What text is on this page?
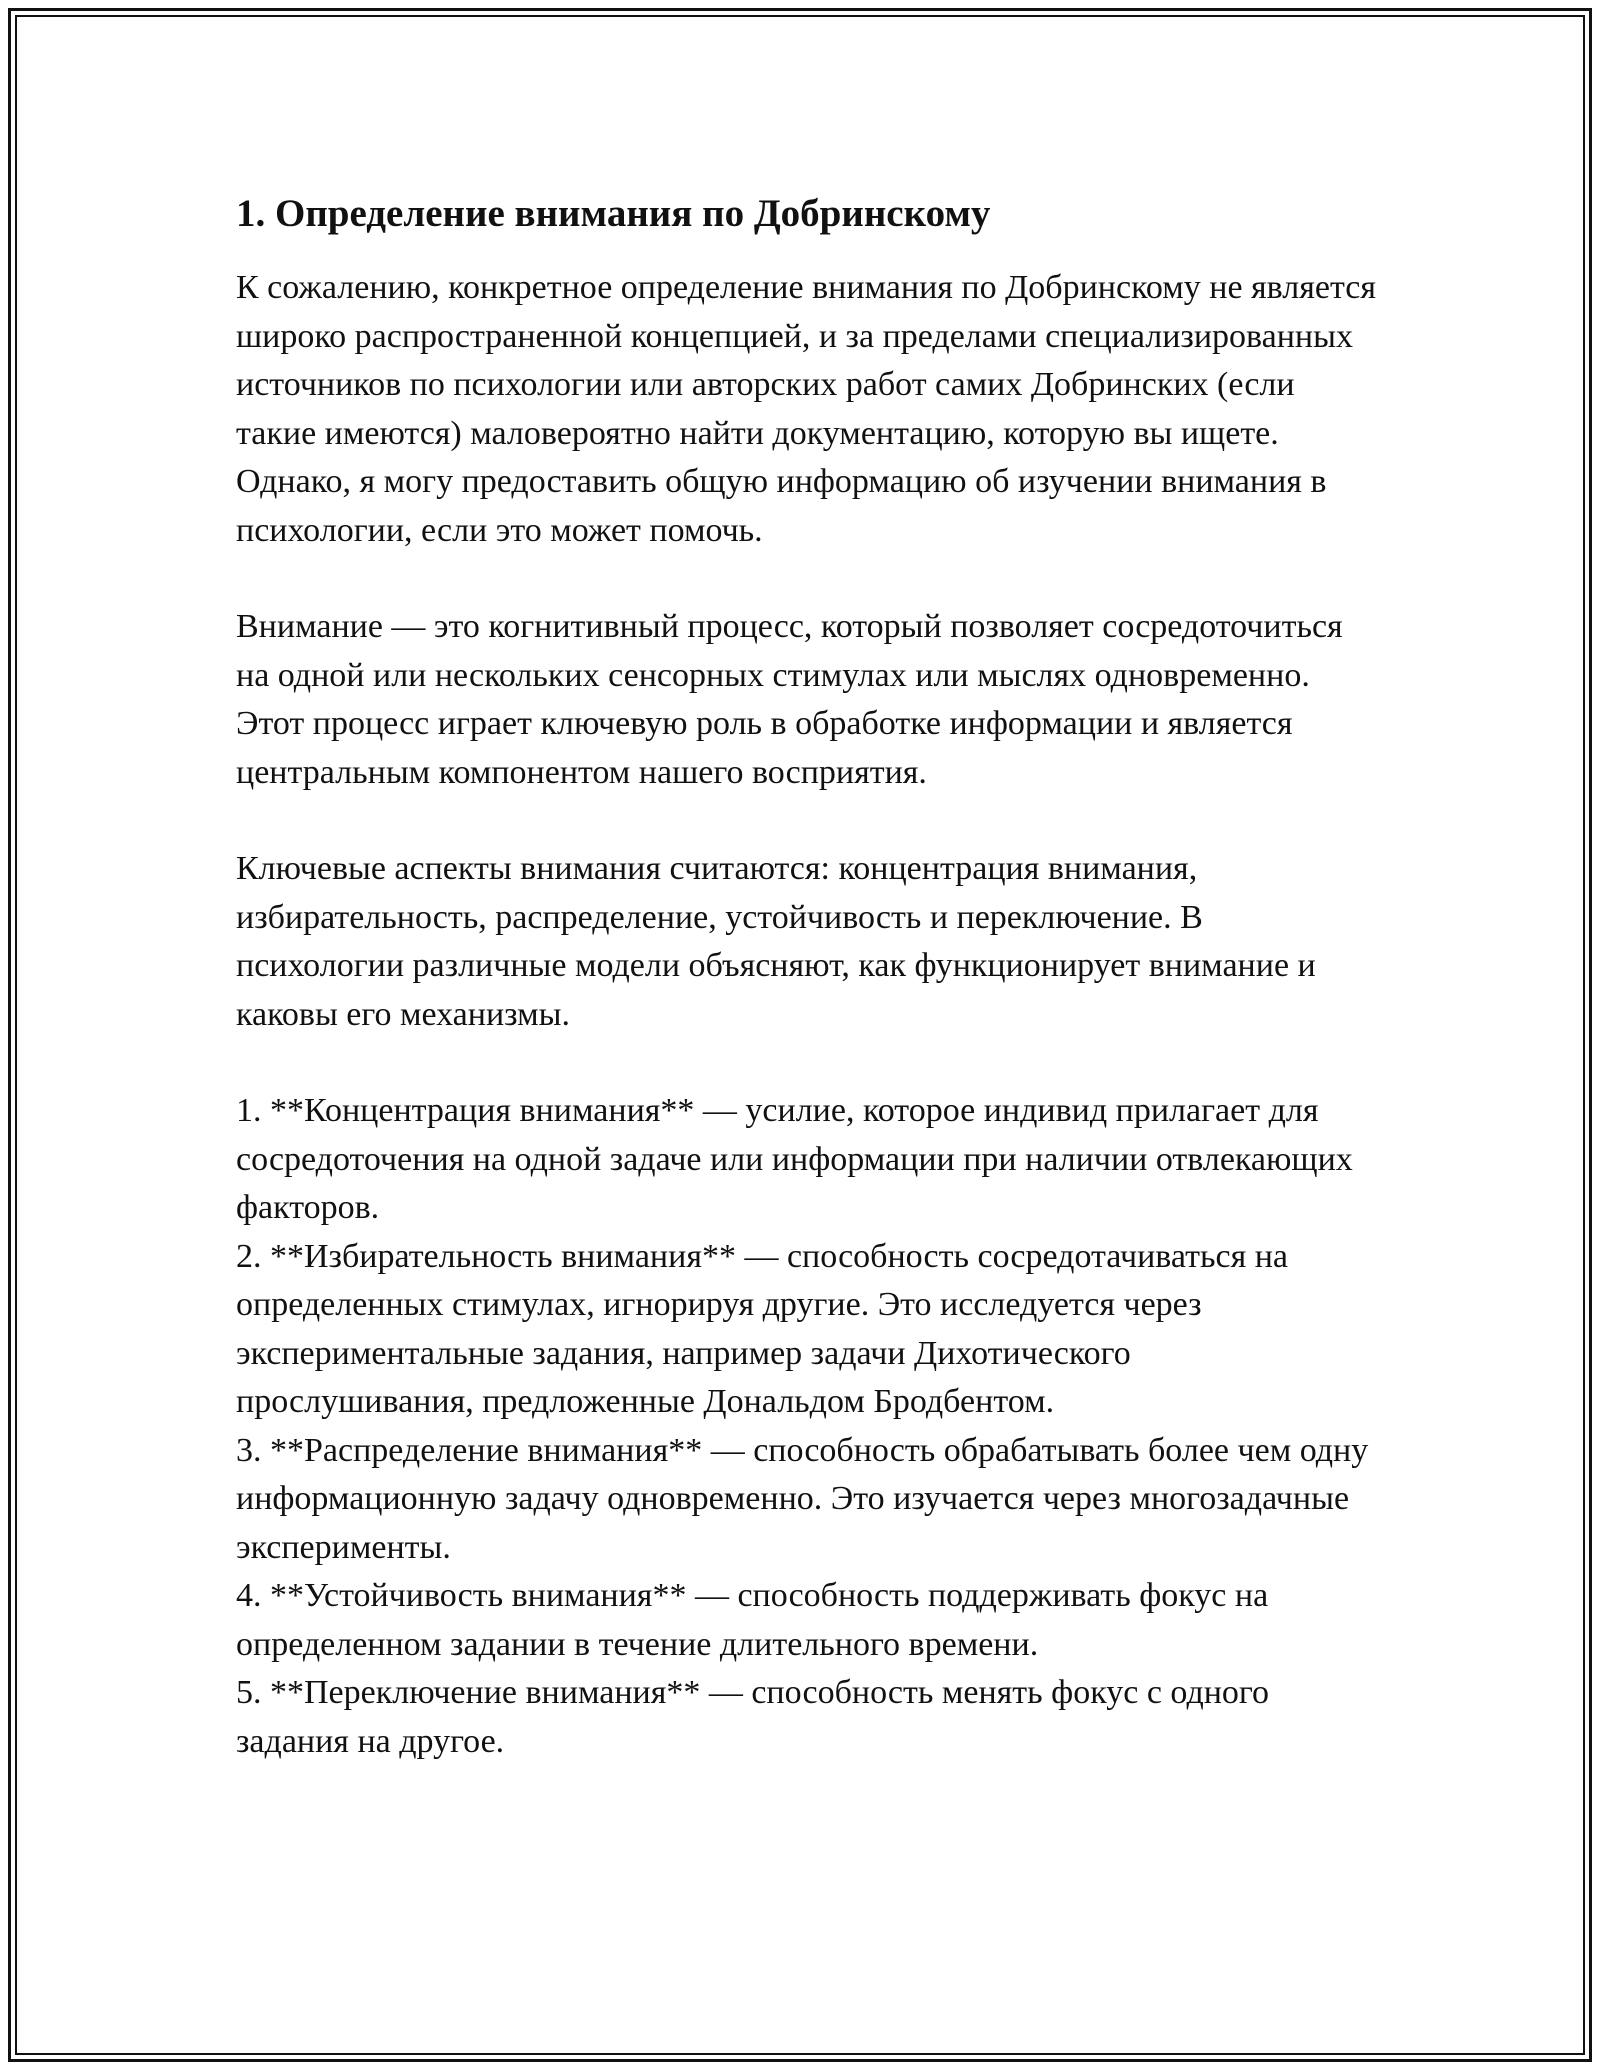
1. Определение внимания по Добринскому

К сожалению, конкретное определение внимания по Добринскому не является широко распространенной концепцией, и за пределами специализированных источников по психологии или авторских работ самих Добринских (если такие имеются) маловероятно найти документацию, которую вы ищете. Однако, я могу предоставить общую информацию об изучении внимания в психологии, если это может помочь.

Внимание — это когнитивный процесс, который позволяет сосредоточиться на одной или нескольких сенсорных стимулах или мыслях одновременно. Этот процесс играет ключевую роль в обработке информации и является центральным компонентом нашего восприятия.

Ключевые аспекты внимания считаются: концентрация внимания, избирательность, распределение, устойчивость и переключение. В психологии различные модели объясняют, как функционирует внимание и каковы его механизмы.

1. **Концентрация внимания** — усилие, которое индивид прилагает для сосредоточения на одной задаче или информации при наличии отвлекающих факторов.
2. **Избирательность внимания** — способность сосредотачиваться на определенных стимулах, игнорируя другие. Это исследуется через экспериментальные задания, например задачи Дихотического прослушивания, предложенные Дональдом Бродбентом.
3. **Распределение внимания** — способность обрабатывать более чем одну информационную задачу одновременно. Это изучается через многозадачные эксперименты.
4. **Устойчивость внимания** — способность поддерживать фокус на определенном задании в течение длительного времени.
5. **Переключение внимания** — способность менять фокус с одного задания на другое.
